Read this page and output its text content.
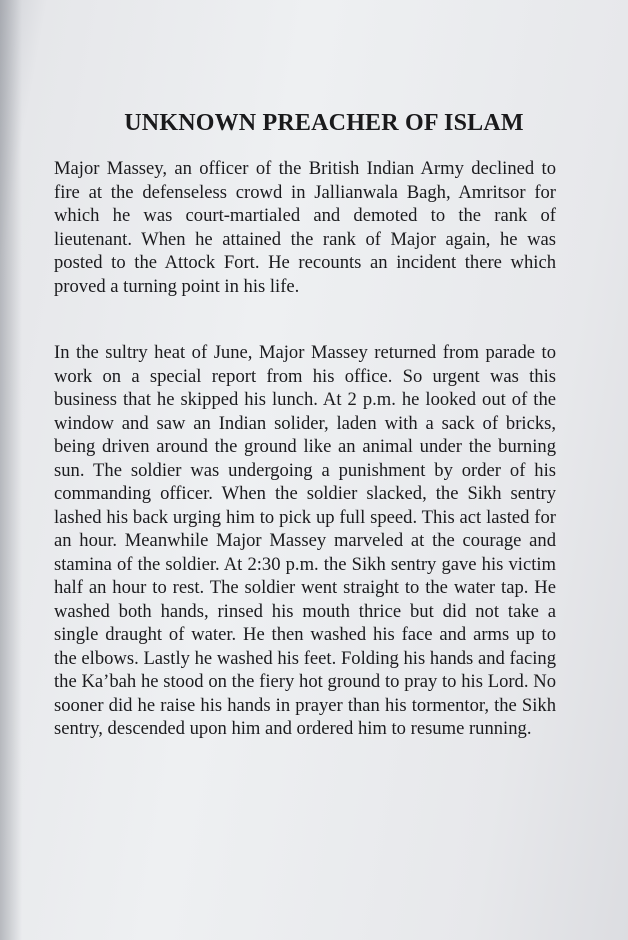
UNKNOWN PREACHER OF ISLAM

Major Massey, an officer of the British Indian Army declined to fire at the defenseless crowd in Jallianwala Bagh, Amritsor for which he was court-martialed and demoted to the rank of lieutenant. When he attained the rank of Major again, he was posted to the Attock Fort. He recounts an incident there which proved a turning point in his life.

In the sultry heat of June, Major Massey returned from parade to work on a special report from his office. So urgent was this business that he skipped his lunch. At 2 p.m. he looked out of the window and saw an Indian solider, laden with a sack of bricks, being driven around the ground like an animal under the burning sun. The soldier was undergoing a punishment by order of his commanding officer. When the soldier slacked, the Sikh sentry lashed his back urging him to pick up full speed. This act lasted for an hour. Meanwhile Major Massey marveled at the courage and stamina of the soldier. At 2:30 p.m. the Sikh sentry gave his victim half an hour to rest. The soldier went straight to the water tap. He washed both hands, rinsed his mouth thrice but did not take a single draught of water. He then washed his face and arms up to the elbows. Lastly he washed his feet. Folding his hands and facing the Ka’bah he stood on the fiery hot ground to pray to his Lord. No sooner did he raise his hands in prayer than his tormentor, the Sikh sentry, descended upon him and ordered him to resume running.
